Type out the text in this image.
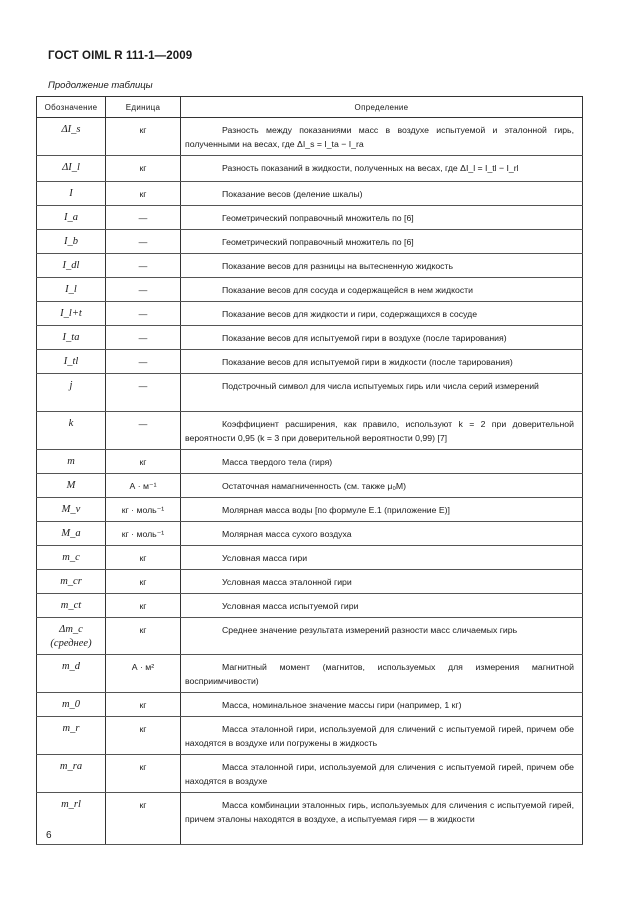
ГОСТ OIML R 111-1—2009
Продолжение таблицы
Обозначение	Единица	Определение
ΔI_s	кг	Разность между показаниями масс в воздухе испытуемой и эталонной гирь, полученными на весах, где ΔI_s = I_ta − I_ra
ΔI_l	кг	Разность показаний в жидкости, полученных на весах, где ΔI_l = I_tl − I_rl
I	кг	Показание весов (деление шкалы)
I_a	—	Геометрический поправочный множитель по [6]
I_b	—	Геометрический поправочный множитель по [6]
I_dl	—	Показание весов для разницы на вытесненную жидкость
I_l	—	Показание весов для сосуда и содержащейся в нем жидкости
I_l+t	—	Показание весов для жидкости и гири, содержащихся в сосуде
I_ta	—	Показание весов для испытуемой гири в воздухе (после тарирования)
I_tl	—	Показание весов для испытуемой гири в жидкости (после тарирования)
j	—	Подстрочный символ для числа испытуемых гирь или числа серий измерений
k	—	Коэффициент расширения, как правило, используют k = 2 при доверительной вероятности 0,95 (k = 3 при доверительной вероятности 0,99) [7]
m	кг	Масса твердого тела (гиря)
M	А · м⁻¹	Остаточная намагниченность (см. также μ₀M)
M_v	кг · моль⁻¹	Молярная масса воды [по формуле Е.1 (приложение Е)]
M_a	кг · моль⁻¹	Молярная масса сухого воздуха
m_c	кг	Условная масса гири
m_cr	кг	Условная масса эталонной гири
m_ct	кг	Условная масса испытуемой гири
Δm_c (среднее)	кг	Среднее значение результата измерений разности масс сличаемых гирь
m_d	А · м²	Магнитный момент (магнитов, используемых для измерения магнитной восприимчивости)
m_0	кг	Масса, номинальное значение массы гири (например, 1 кг)
m_r	кг	Масса эталонной гири, используемой для сличений с испытуемой гирей, причем обе находятся в воздухе или погружены в жидкость
m_ra	кг	Масса эталонной гири, используемой для сличения с испытуемой гирей, причем обе находятся в воздухе
m_rl	кг	Масса комбинации эталонных гирь, используемых для сличения с испытуемой гирей, причем эталоны находятся в воздухе, а испытуемая гиря — в жидкости
6
